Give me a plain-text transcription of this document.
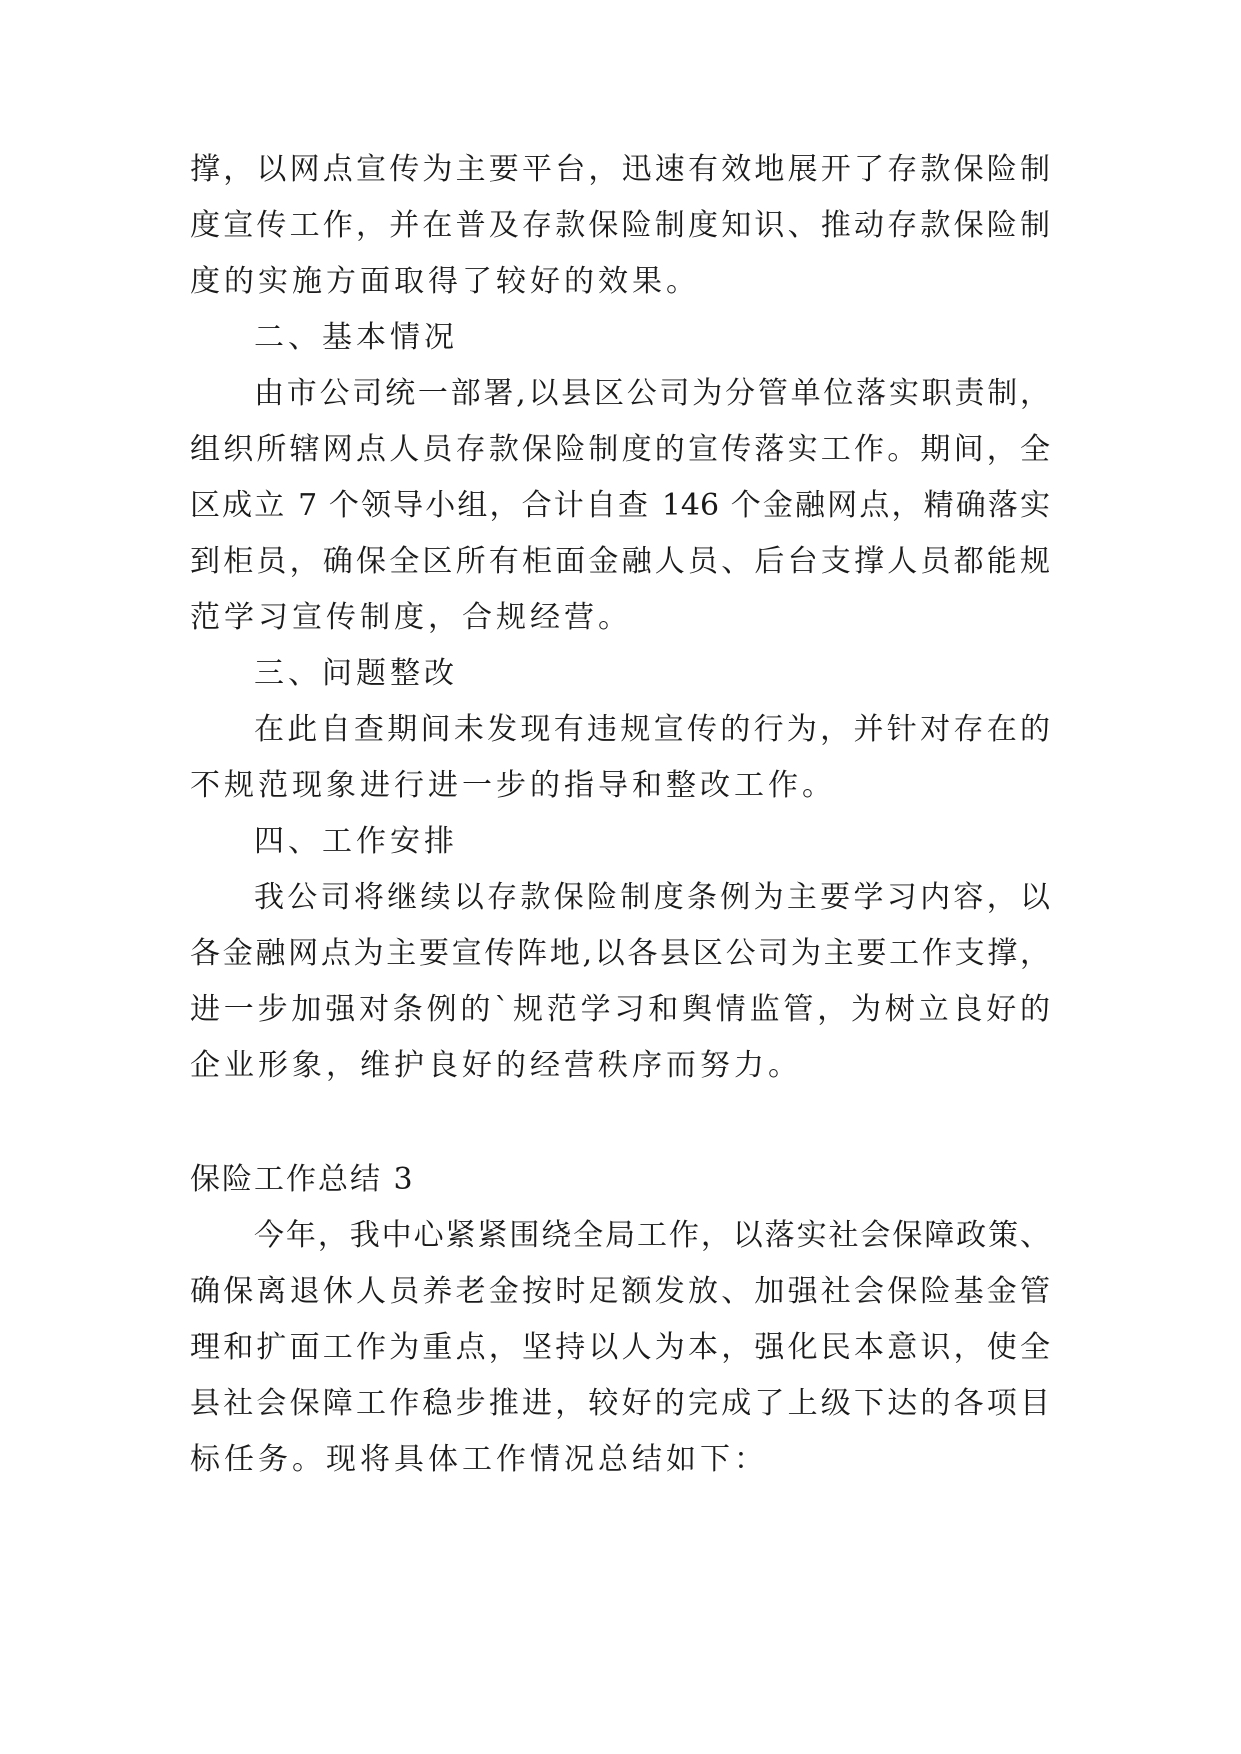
撑，以网点宣传为主要平台，迅速有效地展开了存款保险制
度宣传工作，并在普及存款保险制度知识、推动存款保险制
度的实施方面取得了较好的效果。
二、基本情况
由市公司统一部署,以县区公司为分管单位落实职责制，
组织所辖网点人员存款保险制度的宣传落实工作。期间，全
区成立 7 个领导小组，合计自查 146 个金融网点，精确落实
到柜员，确保全区所有柜面金融人员、后台支撑人员都能规
范学习宣传制度，合规经营。
三、问题整改
在此自查期间未发现有违规宣传的行为，并针对存在的
不规范现象进行进一步的指导和整改工作。
四、工作安排
我公司将继续以存款保险制度条例为主要学习内容，以
各金融网点为主要宣传阵地,以各县区公司为主要工作支撑，
进一步加强对条例的`规范学习和舆情监管，为树立良好的
企业形象，维护良好的经营秩序而努力。
保险工作总结 3
今年，我中心紧紧围绕全局工作，以落实社会保障政策、
确保离退休人员养老金按时足额发放、加强社会保险基金管
理和扩面工作为重点，坚持以人为本，强化民本意识，使全
县社会保障工作稳步推进，较好的完成了上级下达的各项目
标任务。现将具体工作情况总结如下：
